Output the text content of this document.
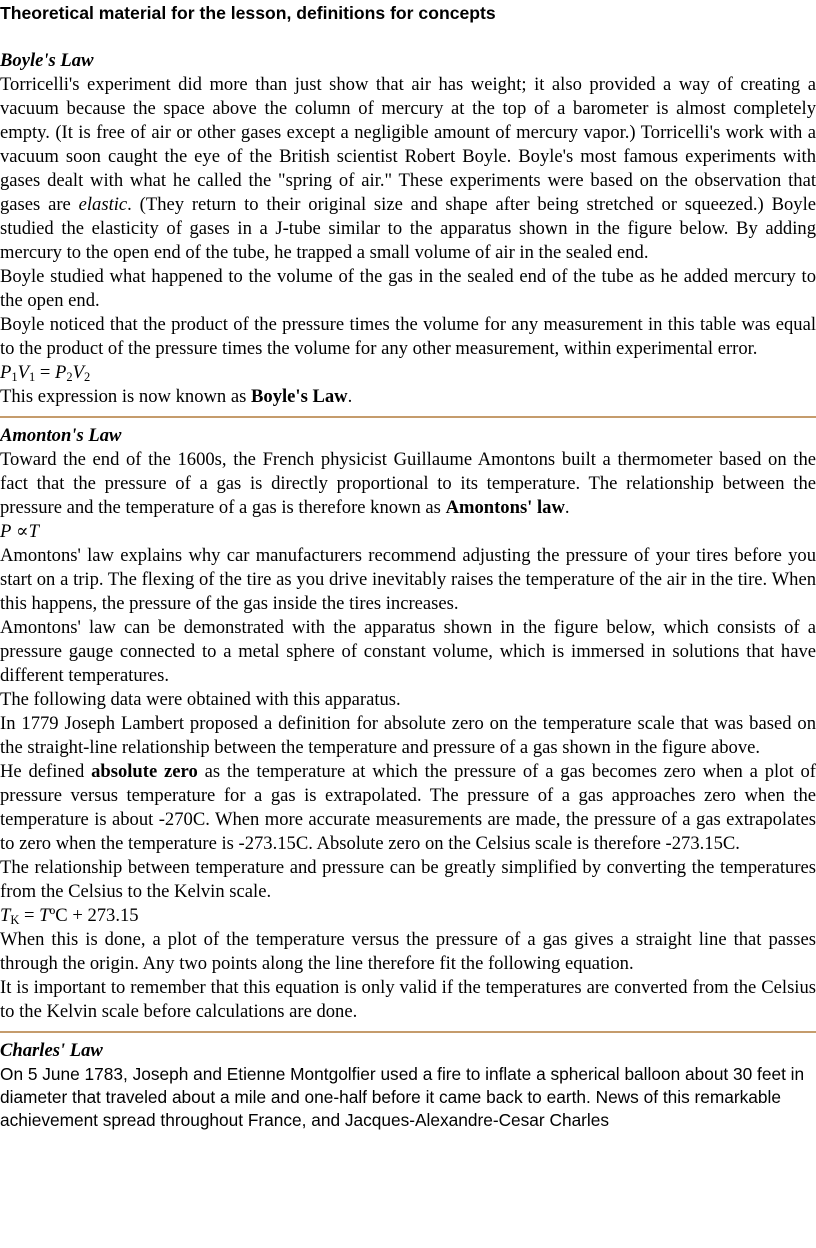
Theoretical material for the lesson, definitions for concepts
Boyle's Law

Torricelli's experiment did more than just show that air has weight; it also provided a way of creating a vacuum because the space above the column of mercury at the top of a barometer is almost completely empty. (It is free of air or other gases except a negligible amount of mercury vapor.) Torricelli's work with a vacuum soon caught the eye of the British scientist Robert Boyle. Boyle's most famous experiments with gases dealt with what he called the "spring of air." These experiments were based on the observation that gases are elastic. (They return to their original size and shape after being stretched or squeezed.) Boyle studied the elasticity of gases in a J-tube similar to the apparatus shown in the figure below. By adding mercury to the open end of the tube, he trapped a small volume of air in the sealed end.

Boyle studied what happened to the volume of the gas in the sealed end of the tube as he added mercury to the open end.

Boyle noticed that the product of the pressure times the volume for any measurement in this table was equal to the product of the pressure times the volume for any other measurement, within experimental error.

$P_1V_1 = P_2V_2$

This expression is now known as Boyle's Law.

Amonton's Law

Toward the end of the 1600s, the French physicist Guillaume Amontons built a thermometer based on the fact that the pressure of a gas is directly proportional to its temperature. The relationship between the pressure and the temperature of a gas is therefore known as Amontons' law.

P ∝T

Amontons' law explains why car manufacturers recommend adjusting the pressure of your tires before you start on a trip. The flexing of the tire as you drive inevitably raises the temperature of the air in the tire. When this happens, the pressure of the gas inside the tires increases.

Amontons' law can be demonstrated with the apparatus shown in the figure below, which consists of a pressure gauge connected to a metal sphere of constant volume, which is immersed in solutions that have different temperatures.

The following data were obtained with this apparatus.

In 1779 Joseph Lambert proposed a definition for absolute zero on the temperature scale that was based on the straight-line relationship between the temperature and pressure of a gas shown in the figure above.

He defined absolute zero as the temperature at which the pressure of a gas becomes zero when a plot of pressure versus temperature for a gas is extrapolated. The pressure of a gas approaches zero when the temperature is about -270C. When more accurate measurements are made, the pressure of a gas extrapolates to zero when the temperature is -273.15C. Absolute zero on the Celsius scale is therefore -273.15C.

The relationship between temperature and pressure can be greatly simplified by converting the temperatures from the Celsius to the Kelvin scale.

$T_K$ = TºC + 273.15

When this is done, a plot of the temperature versus the pressure of a gas gives a straight line that passes through the origin. Any two points along the line therefore fit the following equation.

It is important to remember that this equation is only valid if the temperatures are converted from the Celsius to the Kelvin scale before calculations are done.

Charles' Law

On 5 June 1783, Joseph and Etienne Montgolfier used a fire to inflate a spherical balloon about 30 feet in diameter that traveled about a mile and one-half before it came back to earth. News of this remarkable achievement spread throughout France, and Jacques-Alexandre-Cesar Charles
